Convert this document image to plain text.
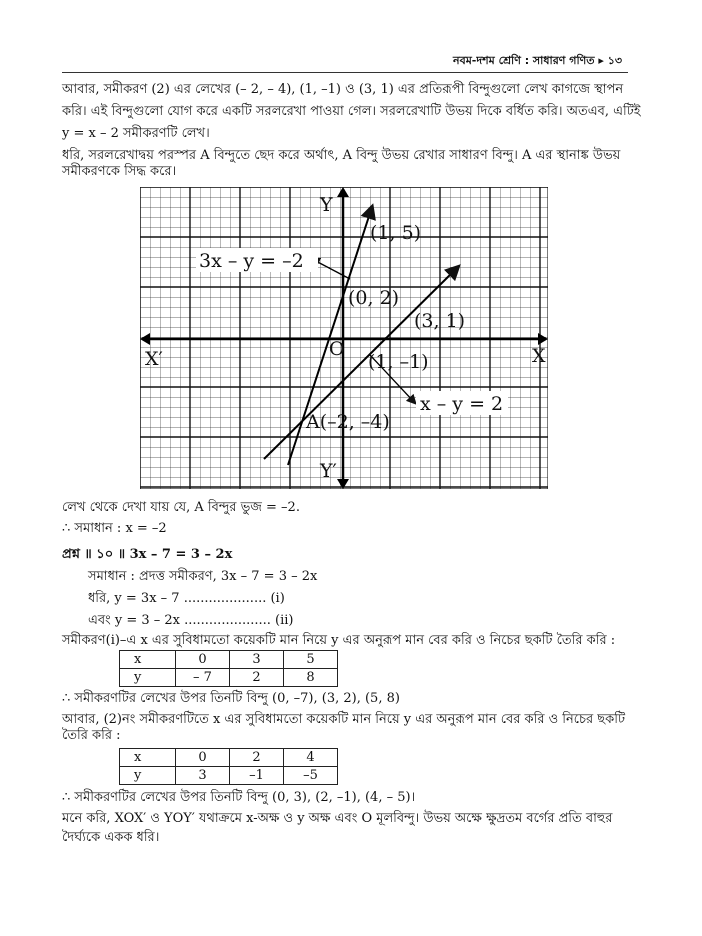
নবম-দশম শ্রেণি : সাধারণ গণিত ▸ ১৩
আবার, সমীকরণ (2) এর লেখের (– 2, – 4), (1, –1) ও (3, 1) এর প্রতিরূপী বিন্দুগুলো লেখ কাগজে স্থাপন
করি। এই বিন্দুগুলো যোগ করে একটি সরলরেখা পাওয়া গেল। সরলরেখাটি উভয় দিকে বর্ধিত করি। অতএব, এটিই
y = x – 2 সমীকরণটি লেখ।
ধরি, সরলরেখাদ্বয় পরস্পর A বিন্দুতে ছেদ করে অর্থাৎ, A বিন্দু উভয় রেখার সাধারণ বিন্দু। A এর স্থানাঙ্ক উভয়
সমীকরণকে সিদ্ধ করে।
Y
X
X′
Y′
O
(1, 5)
3x – y = –2
(0, 2)
(3, 1)
(1, –1)
x – y = 2
A(–2, –4)
লেখ থেকে দেখা যায় যে, A বিন্দুর ভুজ = –2.
∴ সমাধান : x = –2
প্রশ্ন ॥ ১০ ॥ 3x – 7 = 3 – 2x
সমাধান : প্রদত্ত সমীকরণ, 3x – 7 = 3 – 2x
ধরি, y = 3x – 7 .................... (i)
এবং y = 3 – 2x ..................... (ii)
সমীকরণ(i)–এ x এর সুবিধামতো কয়েকটি মান নিয়ে y এর অনুরূপ মান বের করি ও নিচের ছকটি তৈরি করি :
x	0	3	5
y	– 7	2	8
∴ সমীকরণটির লেখের উপর তিনটি বিন্দু (0, –7), (3, 2), (5, 8)
আবার, (2)নং সমীকরণটিতে x এর সুবিধামতো কয়েকটি মান নিয়ে y এর অনুরূপ মান বের করি ও নিচের ছকটি
তৈরি করি :
x	0	2	4
y	3	–1	–5
∴ সমীকরণটির লেখের উপর তিনটি বিন্দু (0, 3), (2, –1), (4, – 5)।
মনে করি, XOX′ ও YOY′ যথাক্রমে x-অক্ষ ও y অক্ষ এবং O মূলবিন্দু। উভয় অক্ষে ক্ষুদ্রতম বর্গের প্রতি বাহুর
দৈর্ঘ্যকে একক ধরি।
